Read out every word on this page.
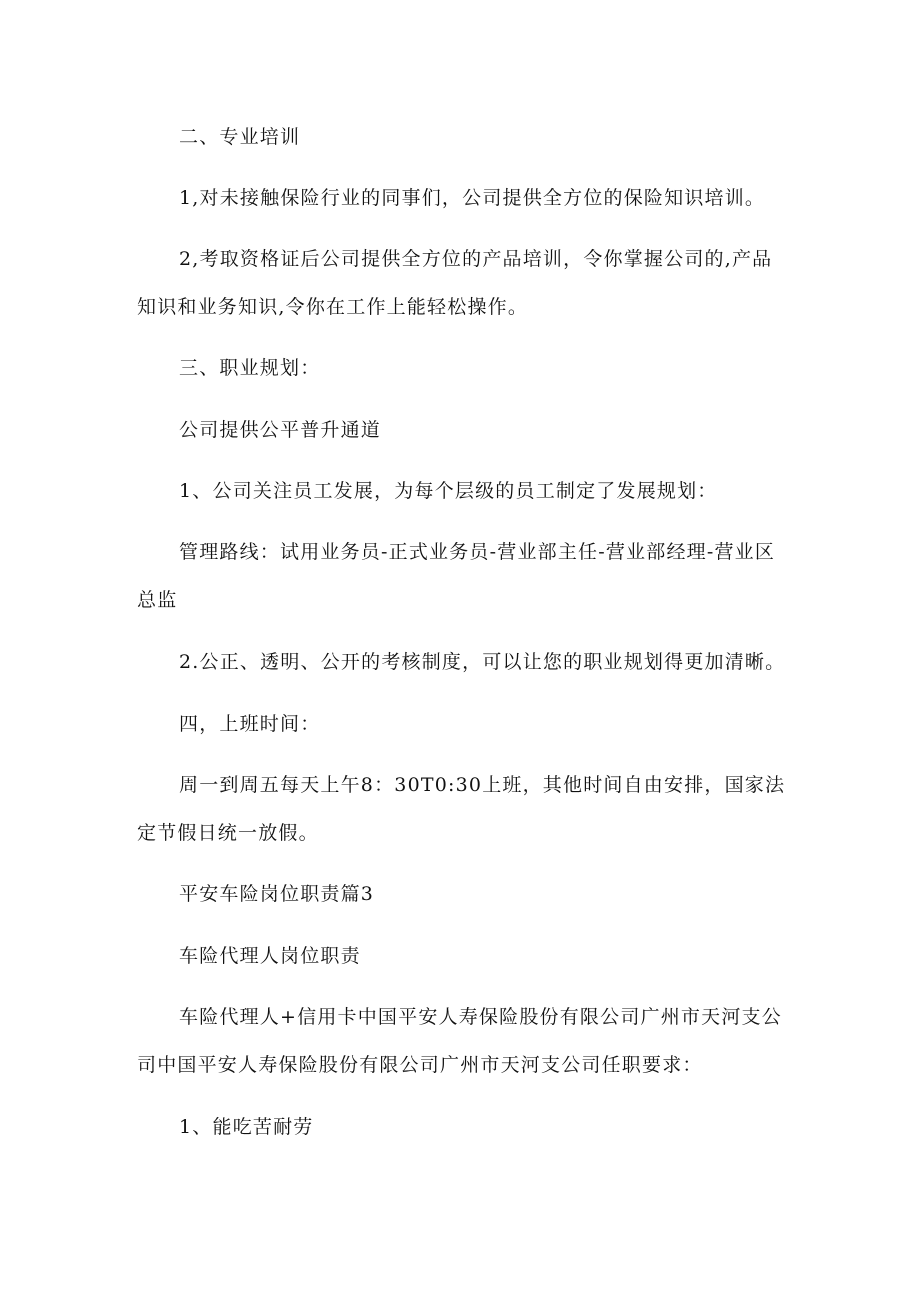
二、专业培训
1,对未接触保险行业的同事们，公司提供全方位的保险知识培训。
2,考取资格证后公司提供全方位的产品培训，令你掌握公司的,产品
知识和业务知识,令你在工作上能轻松操作。
三、职业规划：
公司提供公平普升通道
1、公司关注员工发展，为每个层级的员工制定了发展规划：
管理路线：试用业务员-正式业务员-营业部主任-营业部经理-营业区
总监
2.公正、透明、公开的考核制度，可以让您的职业规划得更加清晰。
四，上班时间：
周一到周五每天上午8：30T0:30上班，其他时间自由安排，国家法
定节假日统一放假。
平安车险岗位职责篇3
车险代理人岗位职责
车险代理人+信用卡中国平安人寿保险股份有限公司广州市天河支公
司中国平安人寿保险股份有限公司广州市天河支公司任职要求：
1、能吃苦耐劳
